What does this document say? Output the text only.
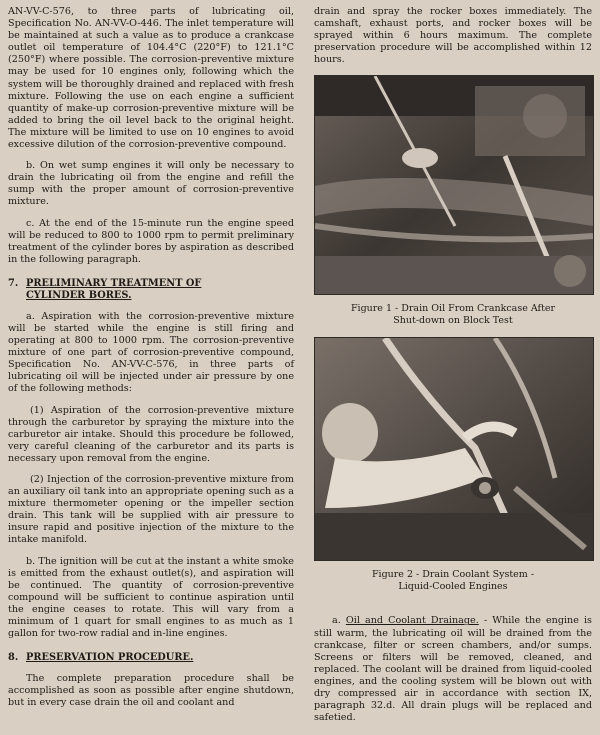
AN-VV-C-576, to three parts of lubricating oil, Specification No. AN-VV-O-446. The inlet temperature will be maintained at such a value as to produce a crankcase outlet oil temperature of 104.4°C (220°F) to 121.1°C (250°F) where possible. The corrosion-preventive mixture may be used for 10 engines only, following which the system will be thoroughly drained and replaced with fresh mixture. Following the use on each engine a sufficient quantity of make-up corrosion-preventive mixture will be added to bring the oil level back to the original height. The mixture will be limited to use on 10 engines to avoid excessive dilution of the corrosion-preventive compound.

b. On wet sump engines it will only be necessary to drain the lubricating oil from the engine and refill the sump with the proper amount of corrosion-preventive mixture.

c. At the end of the 15-minute run the engine speed will be reduced to 800 to 1000 rpm to permit preliminary treatment of the cylinder bores by aspiration as described in the following paragraph.

7. PRELIMINARY TREATMENT OF
CYLINDER BORES.

a. Aspiration with the corrosion-preventive mixture will be started while the engine is still firing and operating at 800 to 1000 rpm. The corrosion-preventive mixture of one part of corrosion-preventive compound, Specification No. AN-VV-C-576, in three parts of lubricating oil will be injected under air pressure by one of the following methods:

(1) Aspiration of the corrosion-preventive mixture through the carburetor by spraying the mixture into the carburetor air intake. Should this procedure be followed, very careful cleaning of the carburetor and its parts is necessary upon removal from the engine.

(2) Injection of the corrosion-preventive mixture from an auxiliary oil tank into an appropriate opening such as a mixture thermometer opening or the impeller section drain. This tank will be supplied with air pressure to insure rapid and positive injection of the mixture to the intake manifold.

b. The ignition will be cut at the instant a white smoke is emitted from the exhaust outlet(s), and aspiration will be continued. The quantity of corrosion-preventive compound will be sufficient to continue aspiration until the engine ceases to rotate. This will vary from a minimum of 1 quart for small engines to as much as 1 gallon for two-row radial and in-line engines.

8. PRESERVATION PROCEDURE.

The complete preparation procedure shall be accomplished as soon as possible after engine shutdown, but in every case drain the oil and coolant and

drain and spray the rocker boxes immediately. The camshaft, exhaust ports, and rocker boxes will be sprayed within 6 hours maximum. The complete preservation procedure will be accomplished within 12 hours.

Figure 1 - Drain Oil From Crankcase After
Shut-down on Block Test
Figure 2 - Drain Coolant System -
Liquid-Cooled Engines

a. Oil and Coolant Drainage. - While the engine is still warm, the lubricating oil will be drained from the crankcase, filter or screen chambers, and/or sumps. Screens or filters will be removed, cleaned, and replaced. The coolant will be drained from liquid-cooled engines, and the cooling system will be blown out with dry compressed air in accordance with section IX, paragraph 32.d. All drain plugs will be replaced and safetied.
